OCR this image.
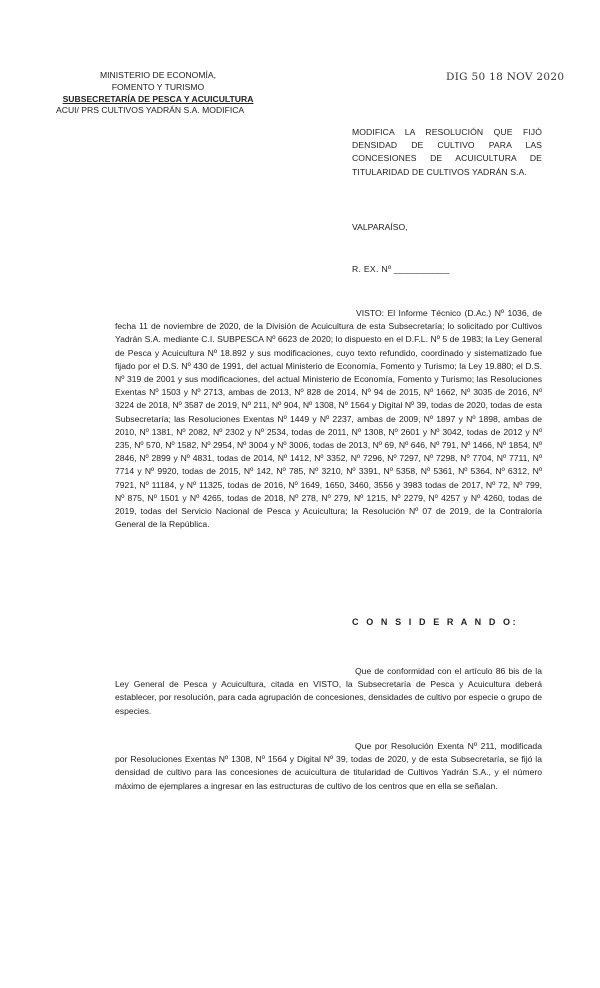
MINISTERIO DE ECONOMÍA,
FOMENTO Y TURISMO
SUBSECRETARÍA DE PESCA Y ACUICULTURA
ACUI/ PRS CULTIVOS YADRÁN S.A. MODIFICA
DIG 50 18 NOV 2020
MODIFICA LA RESOLUCIÓN QUE FIJÓ
DENSIDAD DE CULTIVO PARA LAS
CONCESIONES DE ACUICULTURA DE
TITULARIDAD DE CULTIVOS YADRÁN S.A.
VALPARAÍSO,
R. EX. Nº ___________
VISTO: El Informe Técnico (D.Ac.) Nº 1036, de fecha 11 de noviembre de 2020, de la División de Acuicultura de esta Subsecretaría; lo solicitado por Cultivos Yadrán S.A. mediante C.I. SUBPESCA Nº 6623 de 2020; lo dispuesto en el D.F.L. Nº 5 de 1983; la Ley General de Pesca y Acuicultura Nº 18.892 y sus modificaciones, cuyo texto refundido, coordinado y sistematizado fue fijado por el D.S. Nº 430 de 1991, del actual Ministerio de Economía, Fomento y Turismo; la Ley 19.880; el D.S. Nº 319 de 2001 y sus modificaciones, del actual Ministerio de Economía, Fomento y Turismo; las Resoluciones Exentas Nº 1503 y Nº 2713, ambas de 2013, Nº 828 de 2014, Nº 94 de 2015, Nº 1662, Nº 3035 de 2016, Nº 3224 de 2018, Nº 3587 de 2019, Nº 211, Nº 904, Nº 1308, Nº 1564 y Digital Nº 39, todas de 2020, todas de esta Subsecretaría; las Resoluciones Exentas Nº 1449 y Nº 2237, ambas de 2009, Nº 1897 y Nº 1898, ambas de 2010, Nº 1381, Nº 2082, Nº 2302 y Nº 2534, todas de 2011, Nº 1308, Nº 2601 y Nº 3042, todas de 2012 y Nº 235, Nº 570, Nº 1582, Nº 2954, Nº 3004 y Nº 3006, todas de 2013, Nº 69, Nº 646, Nº 791, Nº 1466, Nº 1854, Nº 2846, Nº 2899 y Nº 4831, todas de 2014, Nº 1412, Nº 3352, Nº 7296, Nº 7297, Nº 7298, Nº 7704, Nº 7711, Nº 7714 y Nº 9920, todas de 2015, Nº 142, Nº 785, Nº 3210, Nº 3391, Nº 5358, Nº 5361, Nº 5364, Nº 6312, Nº 7921, Nº 11184, y Nº 11325, todas de 2016, Nº 1649, 1650, 3460, 3556 y 3983 todas de 2017, Nº 72, Nº 799, Nº 875, Nº 1501 y Nº 4265, todas de 2018, Nº 278, Nº 279, Nº 1215, Nº 2279, Nº 4257 y Nº 4260, todas de 2019, todas del Servicio Nacional de Pesca y Acuicultura; la Resolución Nº 07 de 2019, de la Contraloría General de la República.
C O N S I D E R A N D O:
Que de conformidad con el artículo 86 bis de la Ley General de Pesca y Acuicultura, citada en VISTO, la Subsecretaría de Pesca y Acuicultura deberá establecer, por resolución, para cada agrupación de concesiones, densidades de cultivo por especie o grupo de especies.
Que por Resolución Exenta Nº 211, modificada por Resoluciones Exentas Nº 1308, Nº 1564 y Digital Nº 39, todas de 2020, y de esta Subsecretaría, se fijó la densidad de cultivo para las concesiones de acuicultura de titularidad de Cultivos Yadrán S.A., y el número máximo de ejemplares a ingresar en las estructuras de cultivo de los centros que en ella se señalan.
